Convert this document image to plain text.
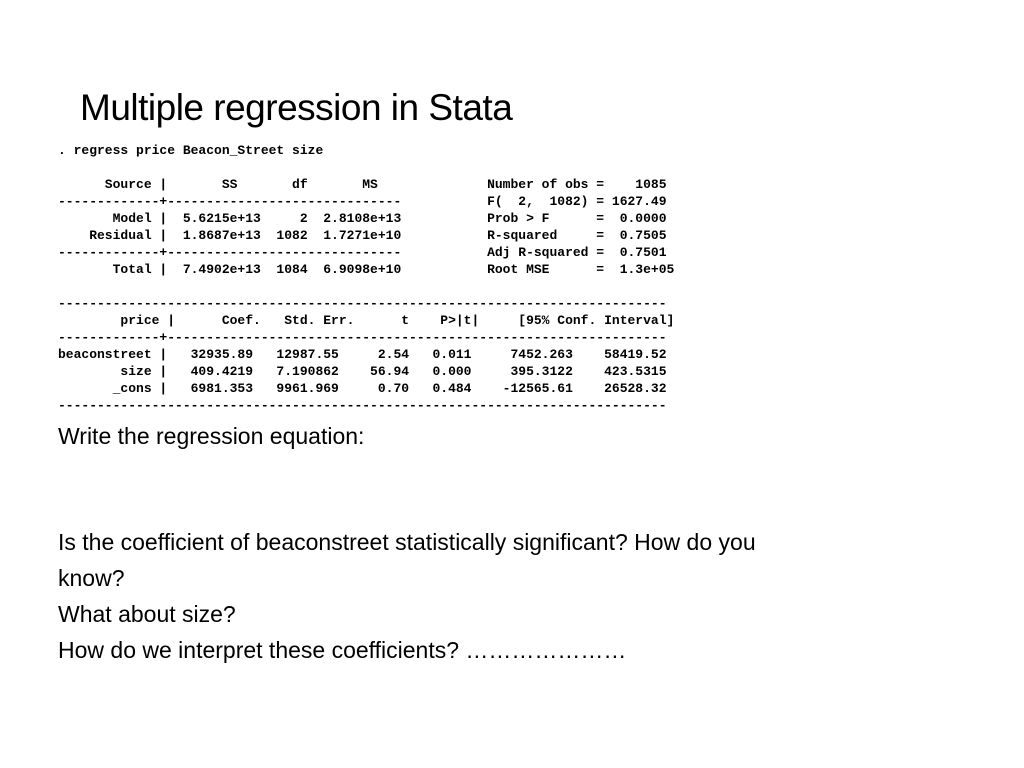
Multiple regression in Stata
. regress price Beacon_Street size
Source |       SS       df       MS              Number of obs =    1085
-------------+------------------------------           F(  2,  1082) = 1627.49
Model |  5.6215e+13     2  2.8108e+13           Prob > F      =  0.0000
Residual |  1.8687e+13  1082  1.7271e+10           R-squared     =  0.7505
-------------+------------------------------           Adj R-squared =  0.7501
Total |  7.4902e+13  1084  6.9098e+10           Root MSE      =  1.3e+05
------------------------------------------------------------------------------
price |      Coef.   Std. Err.      t    P>|t|     [95% Conf. Interval]
-------------+----------------------------------------------------------------
beaconstreet |   32935.89   12987.55     2.54   0.011     7452.263    58419.52
size |   409.4219   7.190862    56.94   0.000     395.3122    423.5315
_cons |   6981.353   9961.969     0.70   0.484    -12565.61    26528.32
------------------------------------------------------------------------------
Write the regression equation:
Is the coefficient of beaconstreet statistically significant? How do you
know?
What about size?
How do we interpret these coefficients? …………………
